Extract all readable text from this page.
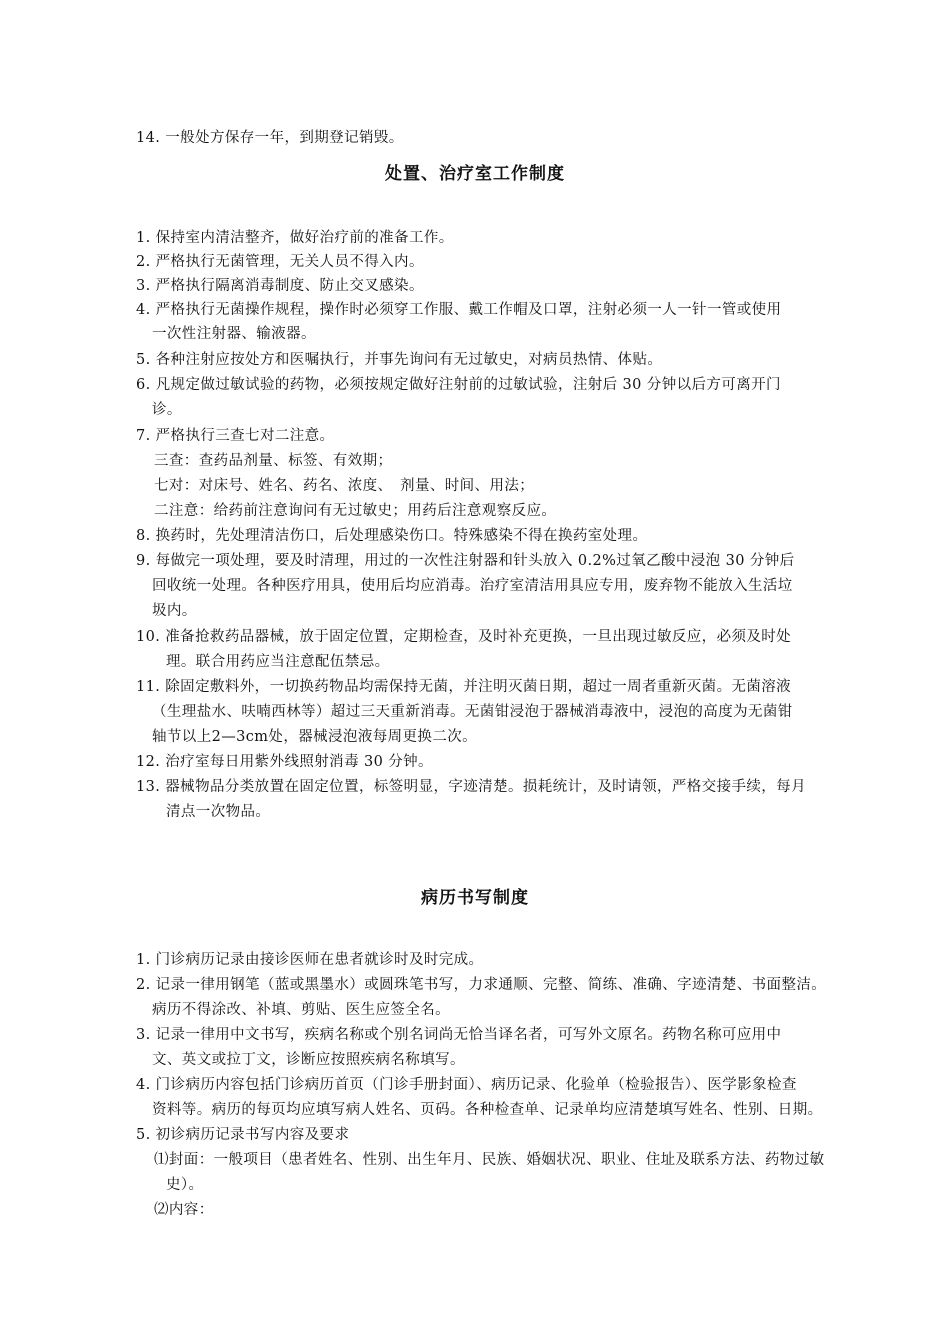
14. 一般处方保存一年，到期登记销毁。
处置、治疗室工作制度
1. 保持室内清洁整齐，做好治疗前的准备工作。
2. 严格执行无菌管理，无关人员不得入内。
3. 严格执行隔离消毒制度、防止交叉感染。
4. 严格执行无菌操作规程，操作时必须穿工作服、戴工作帽及口罩，注射必须一人一针一管或使用
一次性注射器、输液器。
5. 各种注射应按处方和医嘱执行，并事先询问有无过敏史，对病员热情、体贴。
6. 凡规定做过敏试验的药物，必须按规定做好注射前的过敏试验，注射后 30 分钟以后方可离开门
诊。
7. 严格执行三查七对二注意。
三查：查药品剂量、标签、有效期；
七对：对床号、姓名、药名、浓度、　剂量、时间、用法；
二注意：给药前注意询问有无过敏史；用药后注意观察反应。
8. 换药时，先处理清洁伤口，后处理感染伤口。特殊感染不得在换药室处理。
9. 每做完一项处理，要及时清理，用过的一次性注射器和针头放入 0.2%过氧乙酸中浸泡 30 分钟后
回收统一处理。各种医疗用具，使用后均应消毒。治疗室清洁用具应专用，废弃物不能放入生活垃
圾内。
10. 准备抢救药品器械，放于固定位置，定期检查，及时补充更换，一旦出现过敏反应，必须及时处
理。联合用药应当注意配伍禁忌。
11. 除固定敷料外，一切换药物品均需保持无菌，并注明灭菌日期，超过一周者重新灭菌。无菌溶液
（生理盐水、呋喃西林等）超过三天重新消毒。无菌钳浸泡于器械消毒液中，浸泡的高度为无菌钳
轴节以上2—3cm处，器械浸泡液每周更换二次。
12. 治疗室每日用紫外线照射消毒 30 分钟。
13. 器械物品分类放置在固定位置，标签明显，字迹清楚。损耗统计，及时请领，严格交接手续，每月
清点一次物品。
病历书写制度
1. 门诊病历记录由接诊医师在患者就诊时及时完成。
2. 记录一律用钢笔（蓝或黑墨水）或圆珠笔书写，力求通顺、完整、简练、准确、字迹清楚、书面整洁。
病历不得涂改、补填、剪贴、医生应签全名。
3. 记录一律用中文书写，疾病名称或个别名词尚无恰当译名者，可写外文原名。药物名称可应用中
文、英文或拉丁文，诊断应按照疾病名称填写。
4. 门诊病历内容包括门诊病历首页（门诊手册封面）、病历记录、化验单（检验报告）、医学影象检查
资料等。病历的每页均应填写病人姓名、页码。各种检查单、记录单均应清楚填写姓名、性别、日期。
5. 初诊病历记录书写内容及要求
⑴封面：一般项目（患者姓名、性别、出生年月、民族、婚姻状况、职业、住址及联系方法、药物过敏
史）。
⑵内容：
